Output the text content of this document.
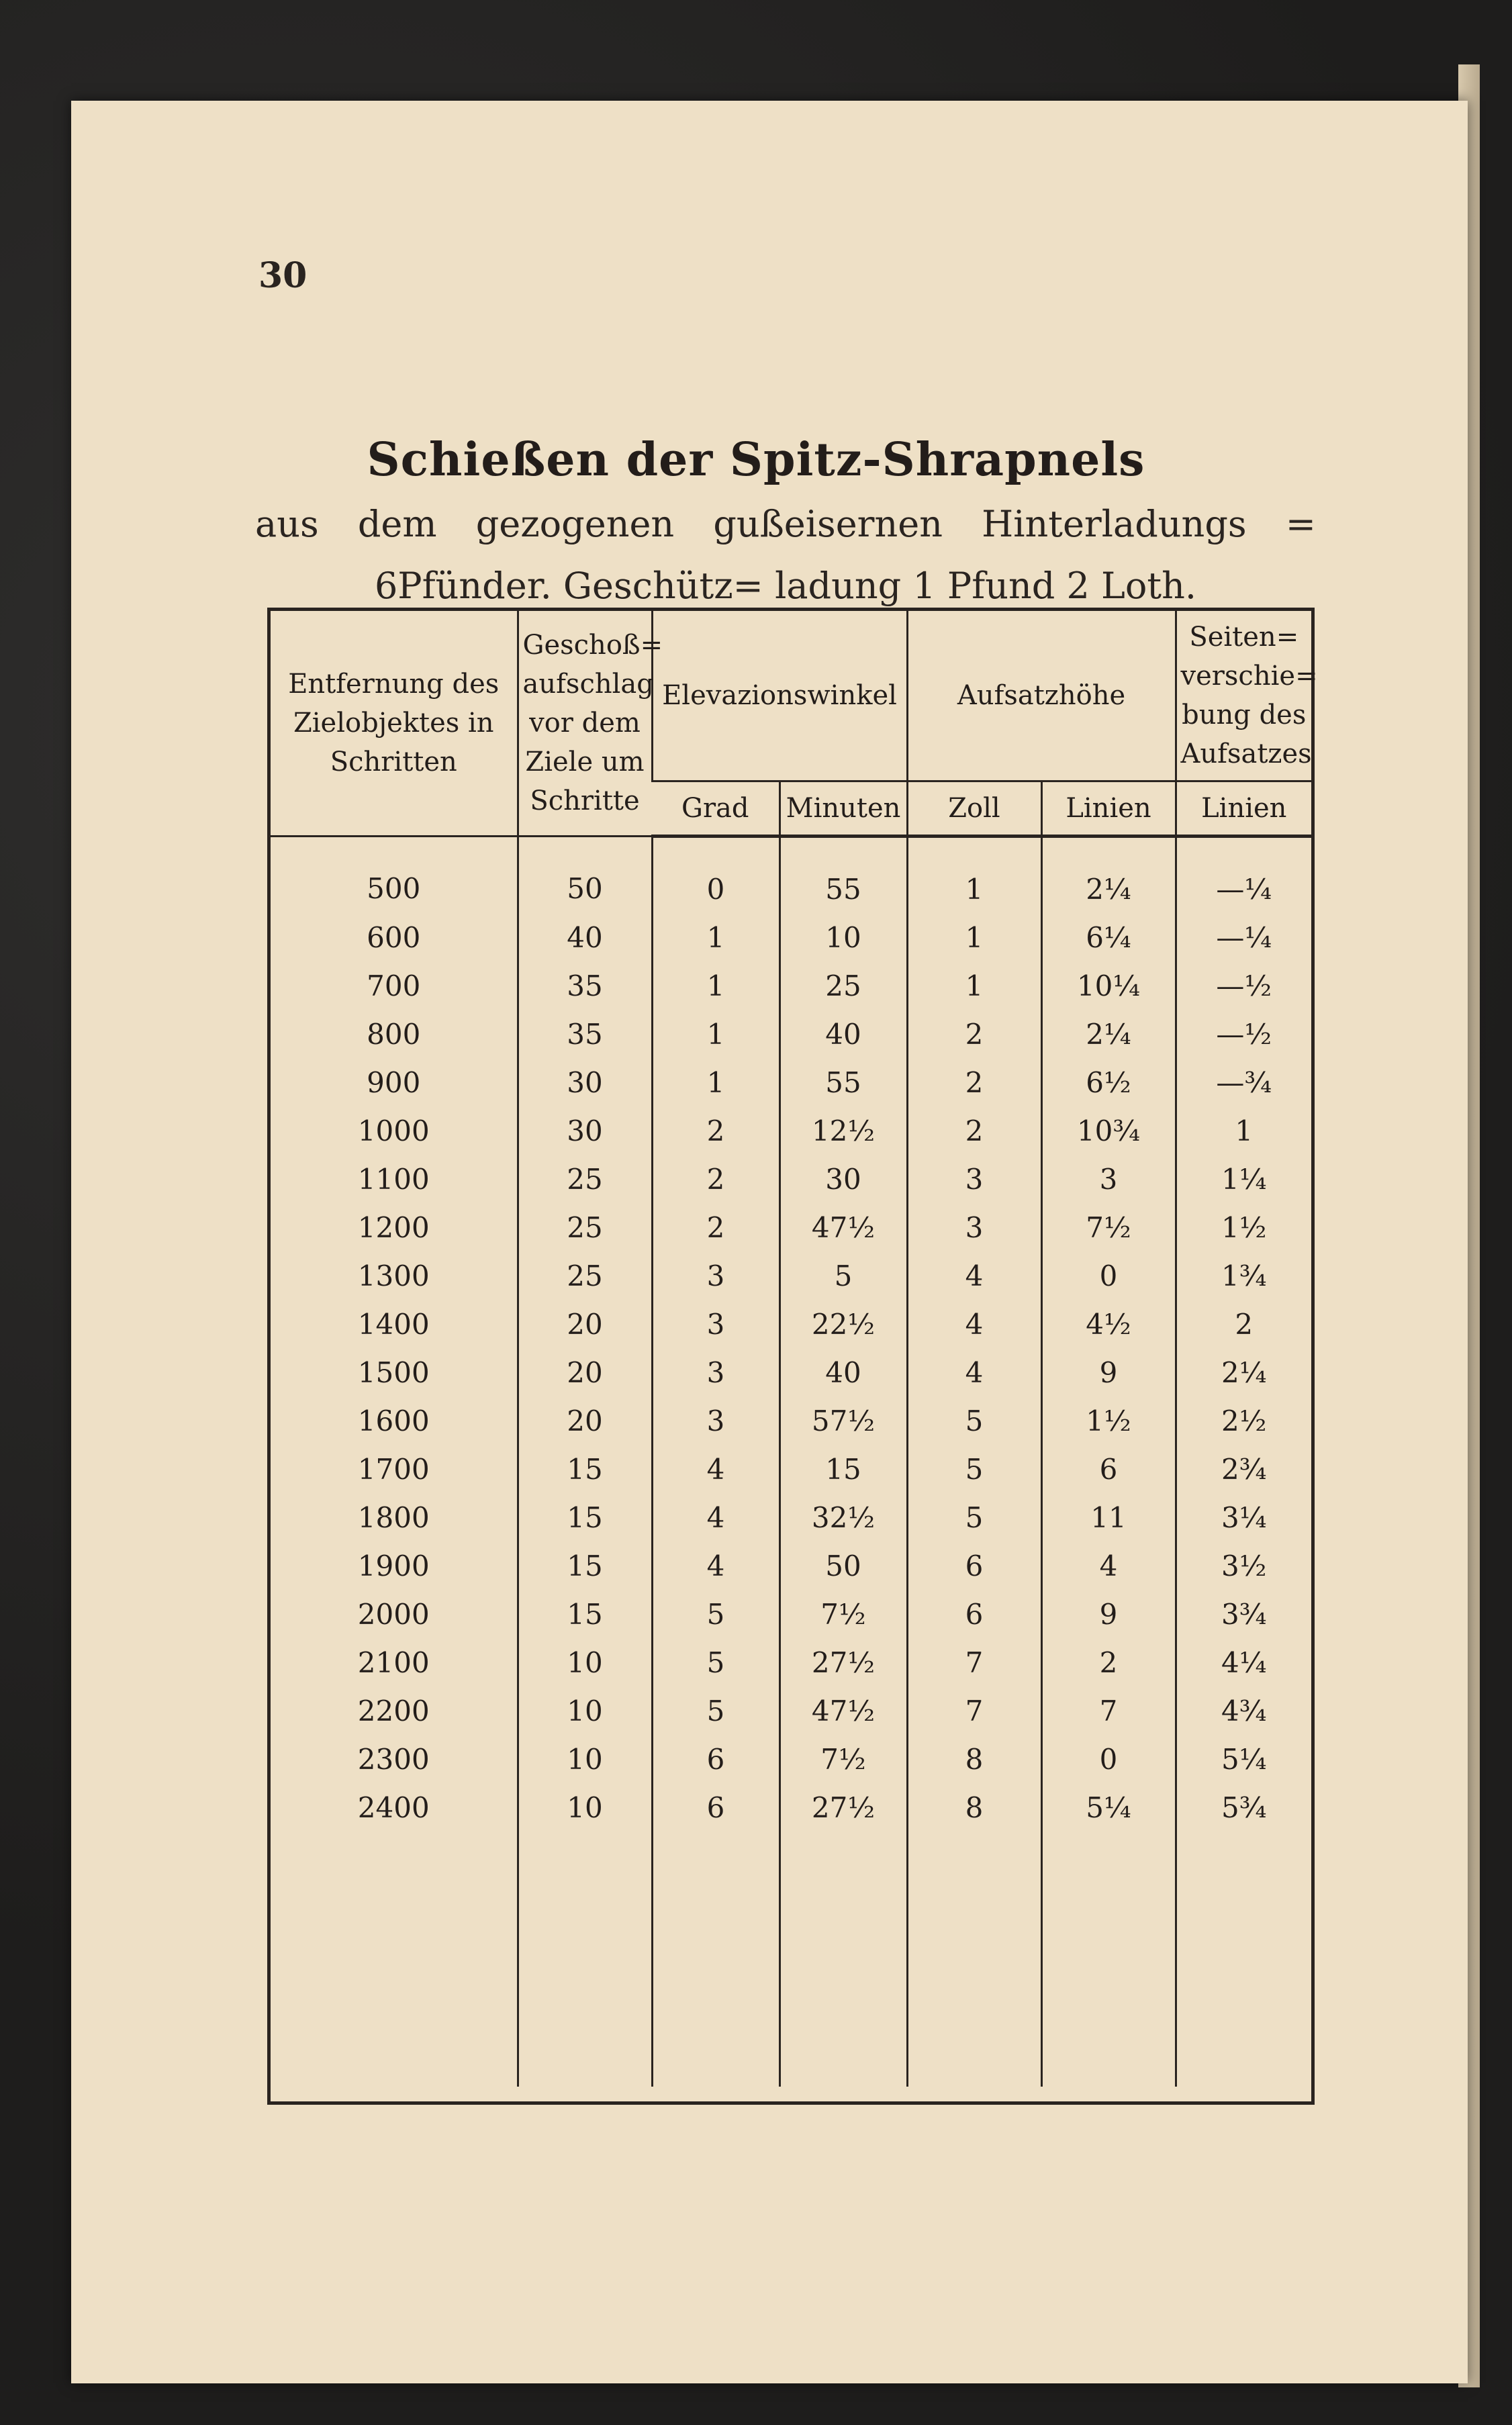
30
Schießen der Spitz-Shrapnels
aus dem gezogenen gußeisernen Hinterladungs = 6Pfünder. Geschütz= ladung 1 Pfund 2 Loth.
Entfernung des Zielobjektes in Schritten	Geschoß= aufschlag vor dem Ziele um Schritte	Elevazionswinkel		Aufsatzhöhe		Seiten= verschie= bung des Aufsatzes
		Grad	Minuten	Zoll	Linien	Linien
500	50	0	55	1	2¼	—¼
600	40	1	10	1	6¼	—¼
700	35	1	25	1	10¼	—½
800	35	1	40	2	2¼	—½
900	30	1	55	2	6½	—¾
1000	30	2	12½	2	10¾	1
1100	25	2	30	3	3	1¼
1200	25	2	47½	3	7½	1½
1300	25	3	5	4	0	1¾
1400	20	3	22½	4	4½	2
1500	20	3	40	4	9	2¼
1600	20	3	57½	5	1½	2½
1700	15	4	15	5	6	2¾
1800	15	4	32½	5	11	3¼
1900	15	4	50	6	4	3½
2000	15	5	7½	6	9	3¾
2100	10	5	27½	7	2	4¼
2200	10	5	47½	7	7	4¾
2300	10	6	7½	8	0	5¼
2400	10	6	27½	8	5¼	5¾
